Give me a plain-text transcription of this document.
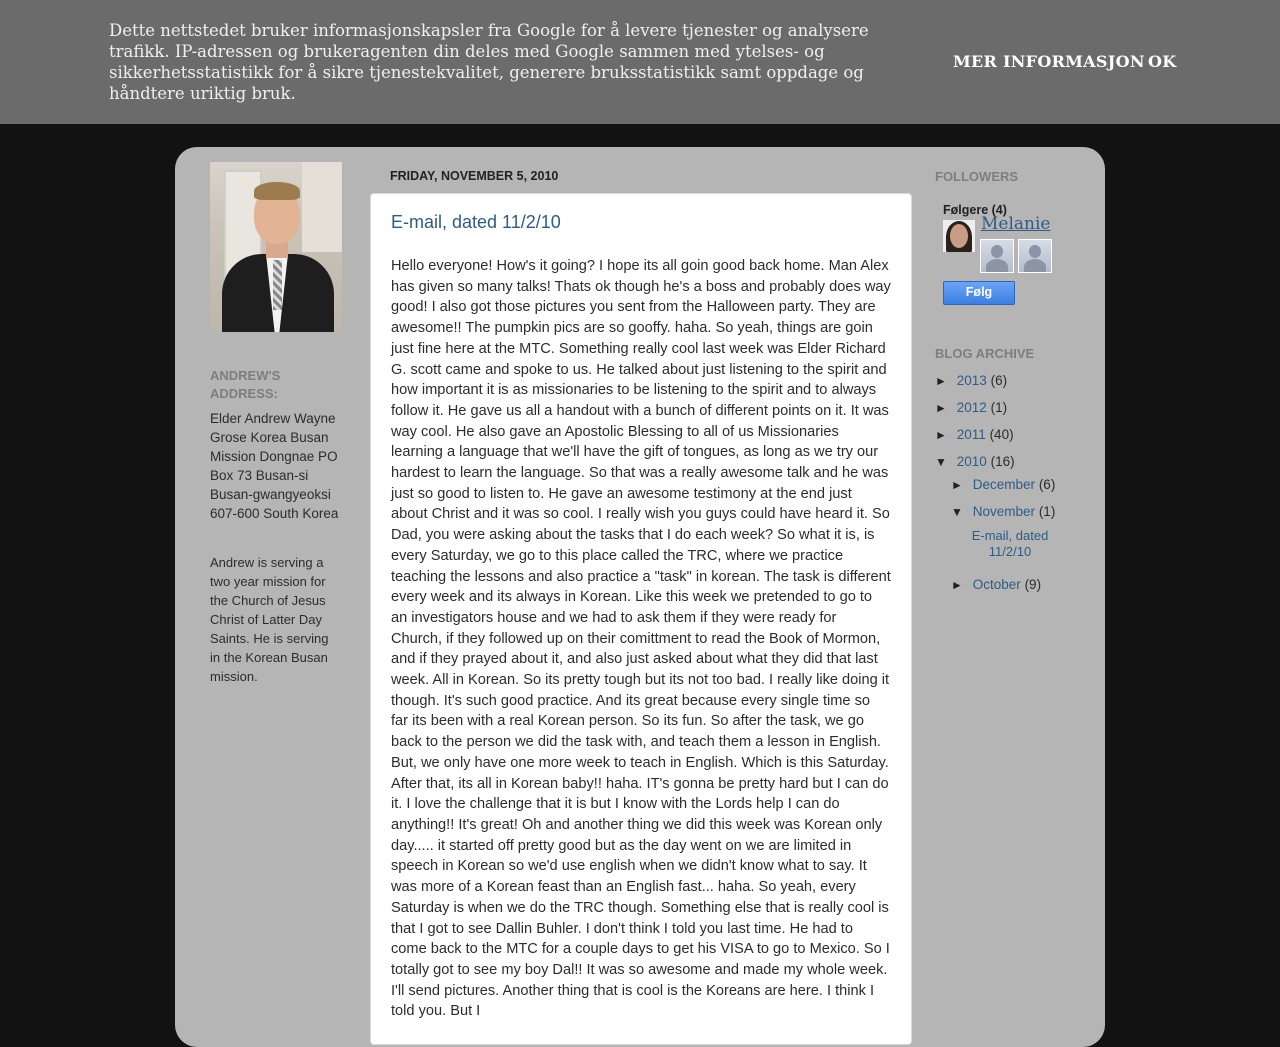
Dette nettstedet bruker informasjonskapsler fra Google for å levere tjenester og analysere trafikk. IP-adressen og brukeragenten din deles med Google sammen med ytelses- og sikkerhetsstatistikk for å sikre tjenestekvalitet, generere bruksstatistikk samt oppdage og håndtere uriktig bruk.
MER INFORMASJON OK
ANDREW'S ADDRESS:
Elder Andrew Wayne Grose Korea Busan Mission Dongnae PO Box 73 Busan-si Busan-gwangyeoksi 607-600 South Korea
Andrew is serving a two year mission for the Church of Jesus Christ of Latter Day Saints. He is serving in the Korean Busan mission.
FRIDAY, NOVEMBER 5, 2010
E-mail, dated 11/2/10
Hello everyone! How's it going? I hope its all goin good back home. Man Alex has given so many talks! Thats ok though he's a boss and probably does way good! I also got those pictures you sent from the Halloween party. They are awesome!! The pumpkin pics are so gooffy. haha. So yeah, things are goin just fine here at the MTC. Something really cool last week was Elder Richard G. scott came and spoke to us. He talked about just listening to the spirit and how important it is as missionaries to be listening to the spirit and to always follow it. He gave us all a handout with a bunch of different points on it. It was way cool. He also gave an Apostolic Blessing to all of us Missionaries learning a language that we'll have the gift of tongues, as long as we try our hardest to learn the language. So that was a really awesome talk and he was just so good to listen to. He gave an awesome testimony at the end just about Christ and it was so cool. I really wish you guys could have heard it. So Dad, you were asking about the tasks that I do each week? So what it is, is every Saturday, we go to this place called the TRC, where we practice teaching the lessons and also practice a "task" in korean. The task is different every week and its always in Korean. Like this week we pretended to go to an investigators house and we had to ask them if they were ready for Church, if they followed up on their comittment to read the Book of Mormon, and if they prayed about it, and also just asked about what they did that last week. All in Korean. So its pretty tough but its not too bad. I really like doing it though. It's such good practice. And its great because every single time so far its been with a real Korean person. So its fun. So after the task, we go back to the person we did the task with, and teach them a lesson in English. But, we only have one more week to teach in English. Which is this Saturday. After that, its all in Korean baby!! haha. IT's gonna be pretty hard but I can do it. I love the challenge that it is but I know with the Lords help I can do anything!! It's great! Oh and another thing we did this week was Korean only day..... it started off pretty good but as the day went on we are limited in speech in Korean so we'd use english when we didn't know what to say. It was more of a Korean feast than an English fast... haha. So yeah, every Saturday is when we do the TRC though. Something else that is really cool is that I got to see Dallin Buhler. I don't think I told you last time. He had to come back to the MTC for a couple days to get his VISA to go to Mexico. So I totally got to see my boy Dal!! It was so awesome and made my whole week. I'll send pictures. Another thing that is cool is the Koreans are here. I think I told you. But I
FOLLOWERS
Følgere (4)
Melanie
Følg
BLOG ARCHIVE
► 2013 (6)
► 2012 (1)
► 2011 (40)
▼ 2010 (16)
► December (6)
▼ November (1)
E-mail, dated 11/2/10
► October (9)
